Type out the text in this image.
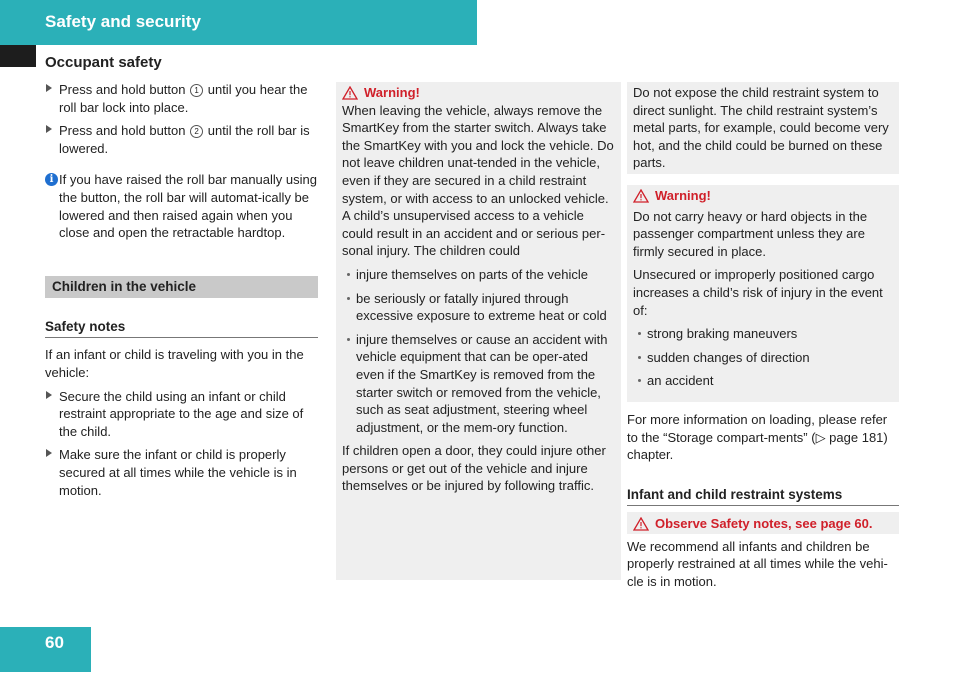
Safety and security
Occupant safety
Press and hold button 1 until you hear the roll bar lock into place.
Press and hold button 2 until the roll bar is lowered.
i If you have raised the roll bar manually using the button, the roll bar will automat-ically be lowered and then raised again when you close and open the retractable hardtop.
Children in the vehicle
Safety notes

If an infant or child is traveling with you in the vehicle:

Secure the child using an infant or child restraint appropriate to the age and size of the child.
Make sure the infant or child is properly secured at all times while the vehicle is in motion.
Warning!

When leaving the vehicle, always remove the SmartKey from the starter switch. Always take the SmartKey with you and lock the vehicle. Do not leave children unat-tended in the vehicle, even if they are secured in a child restraint system, or with access to an unlocked vehicle. A child’s unsupervised access to a vehicle could result in an accident and or serious per-sonal injury. The children could

injure themselves on parts of the vehicle
be seriously or fatally injured through excessive exposure to extreme heat or cold
injure themselves or cause an accident with vehicle equipment that can be oper-ated even if the SmartKey is removed from the starter switch or removed from the vehicle, such as seat adjustment, steering wheel adjustment, or the mem-ory function.

If children open a door, they could injure other persons or get out of the vehicle and injure themselves or be injured by following traffic.

Do not expose the child restraint system to direct sunlight. The child restraint system’s metal parts, for example, could become very hot, and the child could be burned on these parts.

Warning!

Do not carry heavy or hard objects in the passenger compartment unless they are firmly secured in place.

Unsecured or improperly positioned cargo increases a child’s risk of injury in the event of:

strong braking maneuvers
sudden changes of direction
an accident

For more information on loading, please refer to the “Storage compart-ments” (▷ page 181) chapter.

Infant and child restraint systems
Observe Safety notes, see page 60.

We recommend all infants and children be properly restrained at all times while the vehi-cle is in motion.

60
